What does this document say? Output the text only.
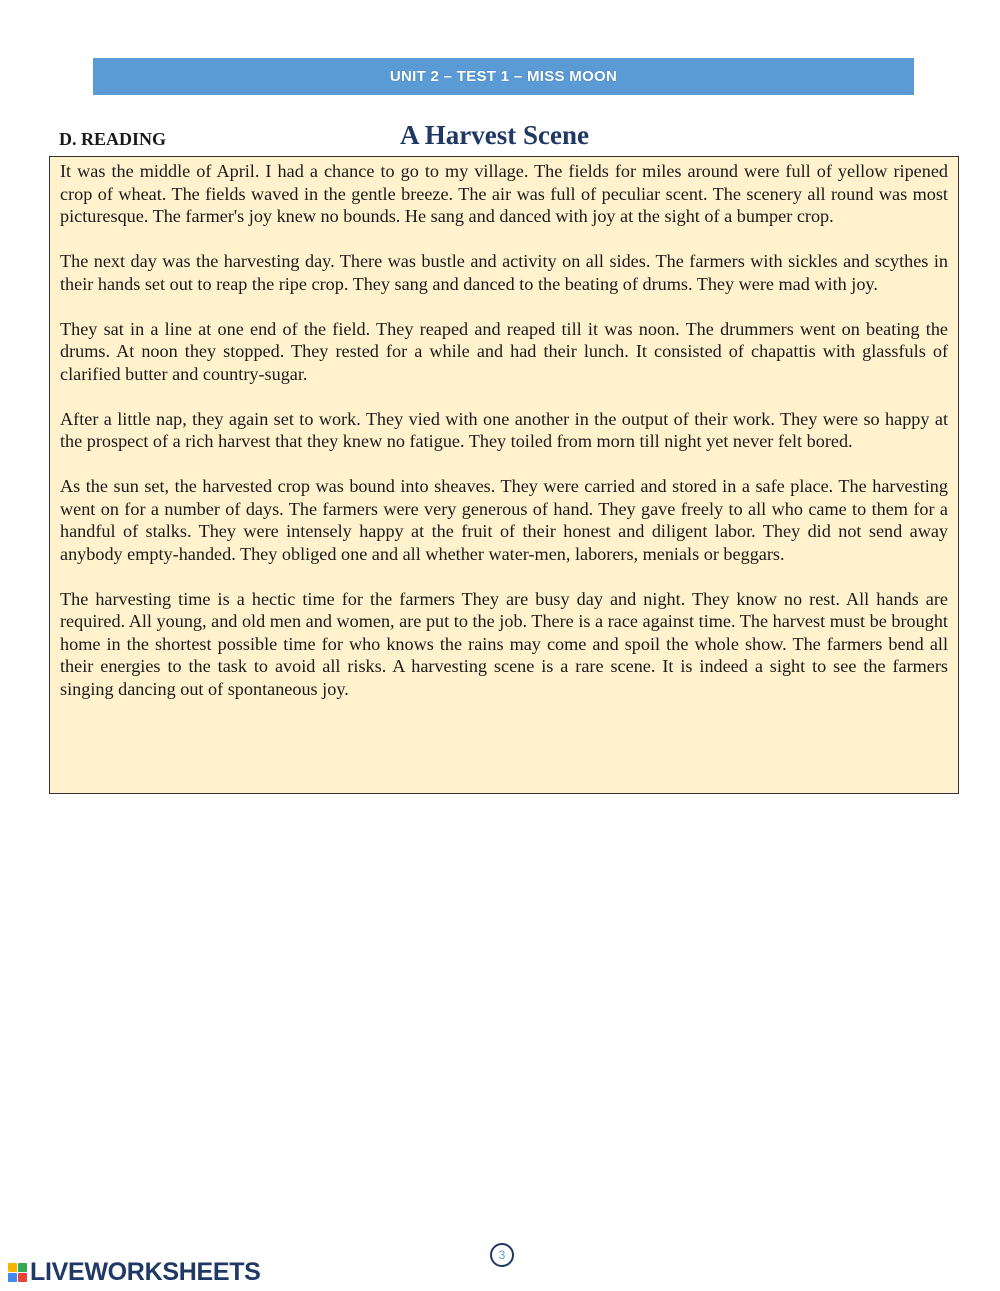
UNIT 2 – TEST 1 – MISS MOON
D. READING	A Harvest Scene

It was the middle of April. I had a chance to go to my village. The fields for miles around were full of yellow ripened crop of wheat. The fields waved in the gentle breeze. The air was full of peculiar scent. The scenery all round was most picturesque. The farmer's joy knew no bounds. He sang and danced with joy at the sight of a bumper crop.

The next day was the harvesting day. There was bustle and activity on all sides. The farmers with sickles and scythes in their hands set out to reap the ripe crop. They sang and danced to the beating of drums. They were mad with joy.

They sat in a line at one end of the field. They reaped and reaped till it was noon. The drummers went on beating the drums. At noon they stopped. They rested for a while and had their lunch. It consisted of chapattis with glassfuls of clarified butter and country-sugar.

After a little nap, they again set to work. They vied with one another in the output of their work. They were so happy at the prospect of a rich harvest that they knew no fatigue. They toiled from morn till night yet never felt bored.

As the sun set, the harvested crop was bound into sheaves. They were carried and stored in a safe place. The harvesting went on for a number of days. The farmers were very generous of hand. They gave freely to all who came to them for a handful of stalks. They were intensely happy at the fruit of their honest and diligent labor. They did not send away anybody empty-handed. They obliged one and all whether water-men, laborers, menials or beggars.

The harvesting time is a hectic time for the farmers They are busy day and night. They know no rest. All hands are required. All young, and old men and women, are put to the job. There is a race against time. The harvest must be brought home in the shortest possible time for who knows the rains may come and spoil the whole show. The farmers bend all their energies to the task to avoid all risks. A harvesting scene is a rare scene. It is indeed a sight to see the farmers singing dancing out of spontaneous joy.

3
LIVEWORKSHEETS
